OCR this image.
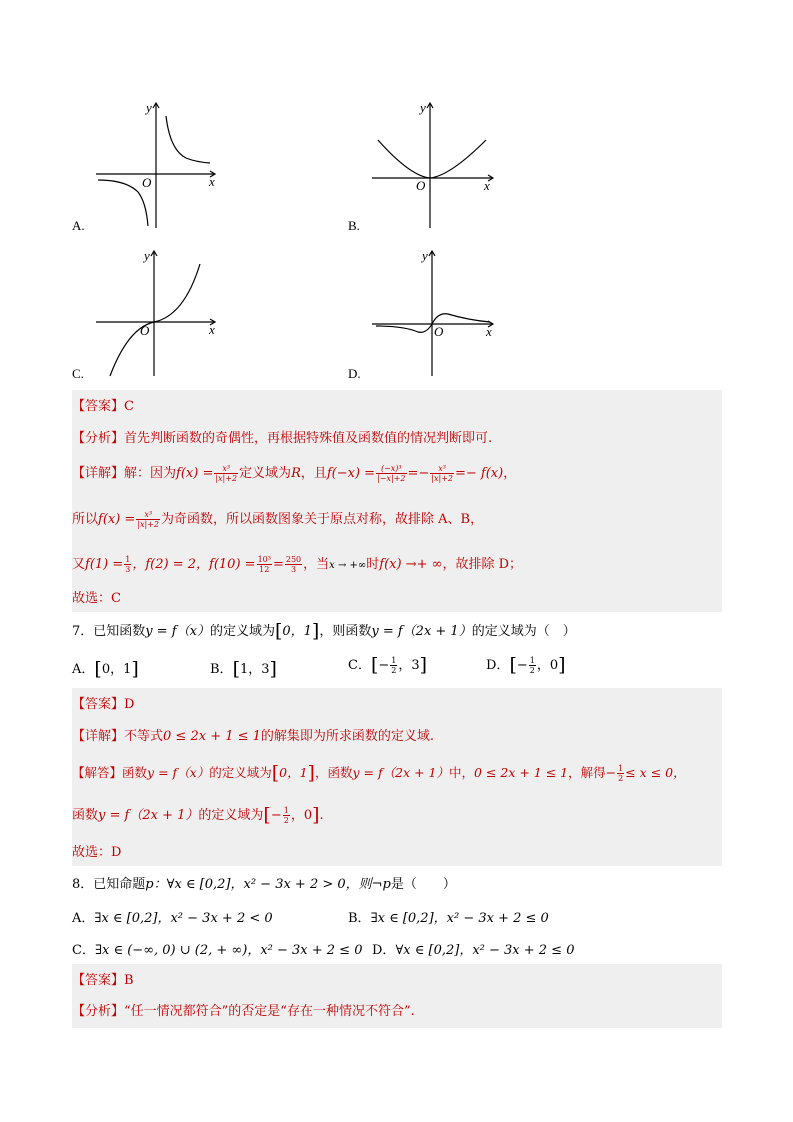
y
x
O
A.
y
x
O
B.
y
x
O
C.
y
x
O
D.
【答案】C
【分析】首先判断函数的奇偶性，再根据特殊值及函数值的情况判断即可.
【详解】解：因为$f(x) = \frac{\text{x³}}{|x|+2}$ 定义域为R，且$f(-x) = \frac{\text{(−x)³}}{|-x|+2} =- \frac{\text{x³}}{|x|+2} =- f(x)$，
所以$f(x) = \frac{\text{x³}}{|x|+2}$ 为奇函数，所以函数图象关于原点对称，故排除 A、B，
又$f(1) = \frac{1}{3}$ ，f(2) = 2，$f(10) = \frac{\text{10³}}{12} = \frac{250}{3}$ ，当x → +∞时f(x) →+ ∞，故排除 D；
故选：C
7．已知函数y = f（x）的定义域为[0，1]，则函数y = f（2x + 1）的定义域为（　）
A．[0，1]	B．[1，3]	C．[− $\frac{1}{2}$ ，3]	D．[− $\frac{1}{2}$ ，0]
【答案】D
【详解】不等式0 ≤ 2x + 1 ≤ 1的解集即为所求函数的定义域.
【解答】函数y = f（x）的定义域为[0，1]，函数y = f（2x + 1）中，0 ≤ 2x + 1 ≤ 1，解得− $\frac{1}{2} \le x \le 0$，
函数y = f（2x + 1）的定义域为[− $\frac{1}{2}$ ，0].
故选：D
8．已知命题p：∀x ∈ [0,2]，x² − 3x + 2 > 0，则¬p是（　　）
A．∃x ∈ [0,2]，x² − 3x + 2 < 0	B．∃x ∈ [0,2]，x² − 3x + 2 ≤ 0
C．∃x ∈ (−∞, 0) ∪ (2, + ∞)，x² − 3x + 2 ≤ 0 D．∀x ∈ [0,2]，x² − 3x + 2 ≤ 0
【答案】B
【分析】“任一情况都符合”的否定是“存在一种情况不符合”.
